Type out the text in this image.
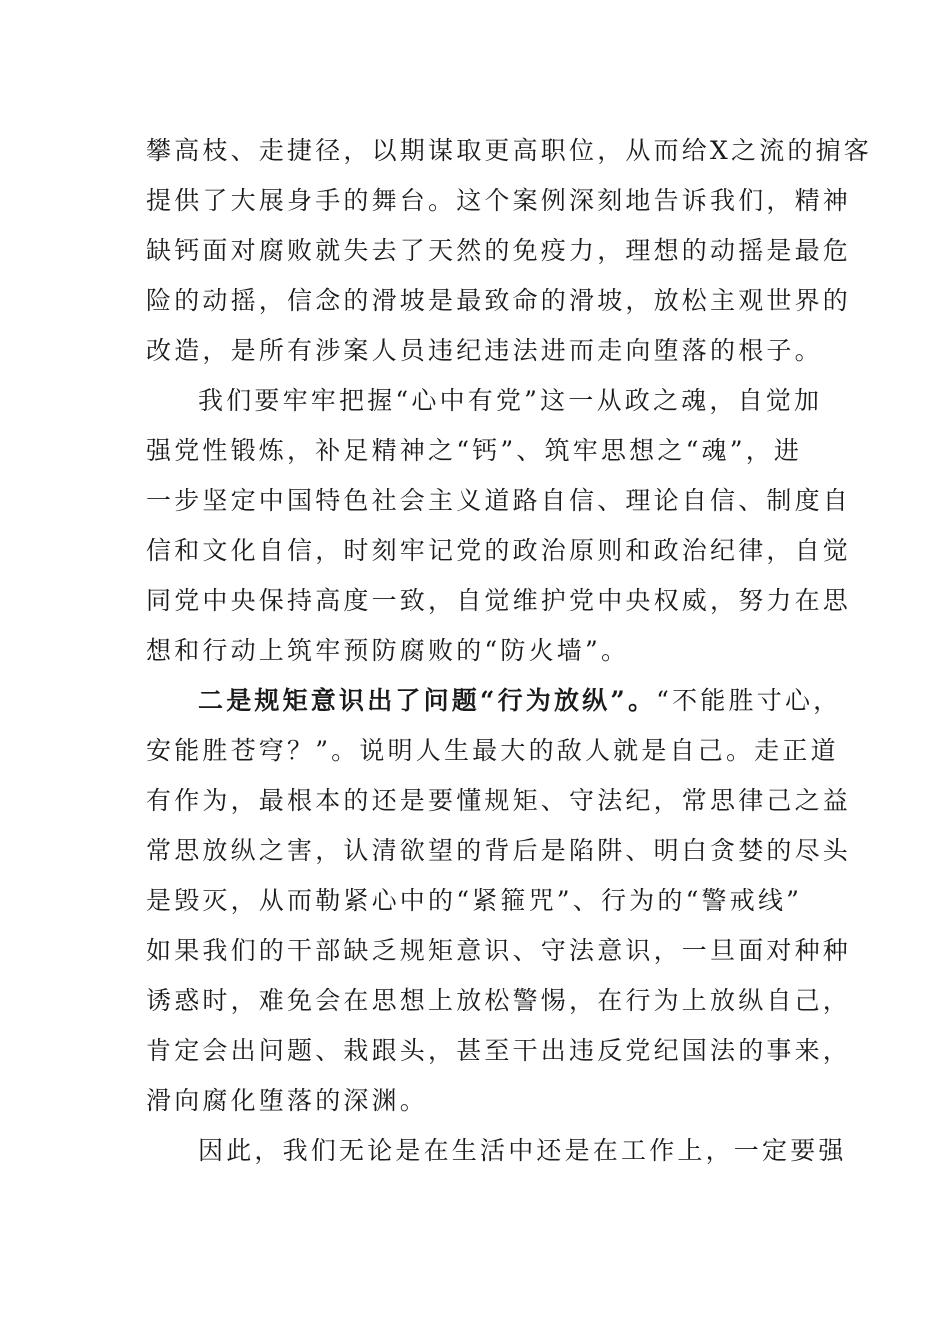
攀高枝、走捷径，以期谋取更高职位，从而给X之流的掮客
提供了大展身手的舞台。这个案例深刻地告诉我们，精神
缺钙面对腐败就失去了天然的免疫力，理想的动摇是最危
险的动摇，信念的滑坡是最致命的滑坡，放松主观世界的
改造，是所有涉案人员违纪违法进而走向堕落的根子。
我们要牢牢把握“心中有党”这一从政之魂，自觉加
强党性锻炼，补足精神之“钙”、筑牢思想之“魂”，进
一步坚定中国特色社会主义道路自信、理论自信、制度自
信和文化自信，时刻牢记党的政治原则和政治纪律，自觉
同党中央保持高度一致，自觉维护党中央权威，努力在思
想和行动上筑牢预防腐败的“防火墙”。
二是规矩意识出了问题“行为放纵”。“不能胜寸心，
安能胜苍穹？”。说明人生最大的敌人就是自己。走正道
有作为，最根本的还是要懂规矩、守法纪，常思律己之益
常思放纵之害，认清欲望的背后是陷阱、明白贪婪的尽头
是毁灭，从而勒紧心中的“紧箍咒”、行为的“警戒线”
如果我们的干部缺乏规矩意识、守法意识，一旦面对种种
诱惑时，难免会在思想上放松警惕，在行为上放纵自己，
肯定会出问题、栽跟头，甚至干出违反党纪国法的事来，
滑向腐化堕落的深渊。
因此，我们无论是在生活中还是在工作上，一定要强
